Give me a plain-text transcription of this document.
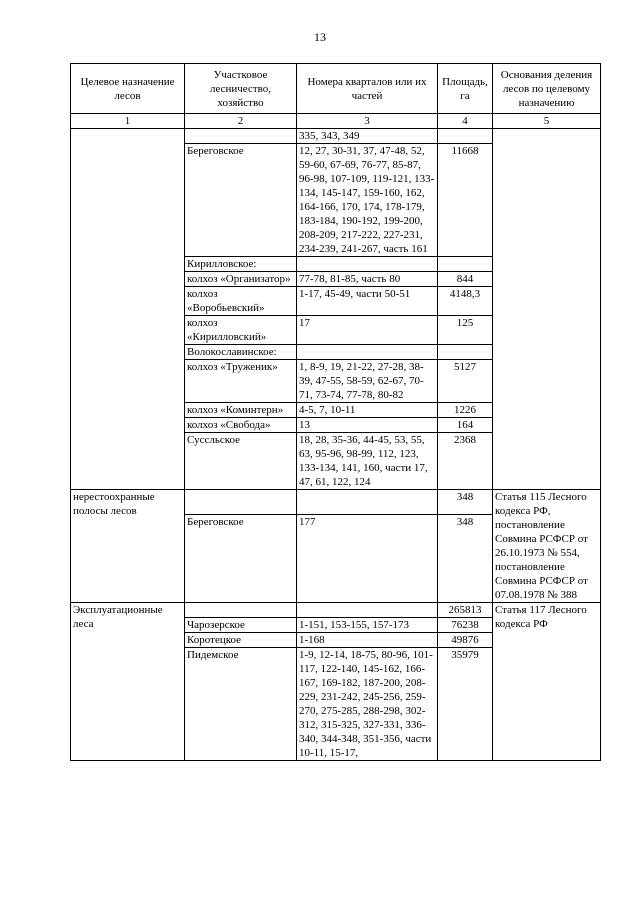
13
Целевое назначение лесов	Участковое лесничество, хозяйство	Номера кварталов или их частей	Площадь, га	Основания деления лесов по целевому назначению
1	2	3	4	5
		335, 343, 349		
	Береговское	12, 27, 30-31, 37, 47-48, 52, 59-60, 67-69, 76-77, 85-87, 96-98, 107-109, 119-121, 133-134, 145-147, 159-160, 162, 164-166, 170, 174, 178-179, 183-184, 190-192, 199-200, 208-209, 217-222, 227-231, 234-239, 241-267, часть 161	11668	
	Кирилловское:			
	колхоз «Организатор»	77-78, 81-85, часть 80	844	
	колхоз «Воробьевский»	1-17, 45-49, части 50-51	4148,3	
	колхоз «Кирилловский»	17	125	
	Волокославинское:			
	колхоз «Труженик»	1, 8-9, 19, 21-22, 27-28, 38-39, 47-55, 58-59, 62-67, 70-71, 73-74, 77-78, 80-82	5127	
	колхоз «Коминтерн»	4-5, 7, 10-11	1226	
	колхоз «Свобода»	13	164	
	Суссльское	18, 28, 35-36, 44-45, 53, 55, 63, 95-96, 98-99, 112, 123, 133-134, 141, 160, части 17, 47, 61, 122, 124	2368	
нерестоохранные полосы лесов			348	Статья 115 Лесного кодекса РФ, постановление Совмина РСФСР от 26.10.1973 № 554, постановление Совмина РСФСР от 07.08.1978 № 388
	Береговское	177	348	
Эксплуатационные леса			265813	Статья 117 Лесного кодекса РФ
	Чарозерское	1-151, 153-155, 157-173	76238	
	Коротецкое	1-168	49876	
	Пидемское	1-9, 12-14, 18-75, 80-96, 101-117, 122-140, 145-162, 166-167, 169-182, 187-200, 208-229, 231-242, 245-256, 259-270, 275-285, 288-298, 302-312, 315-325, 327-331, 336-340, 344-348, 351-356, части 10-11, 15-17,	35979	
